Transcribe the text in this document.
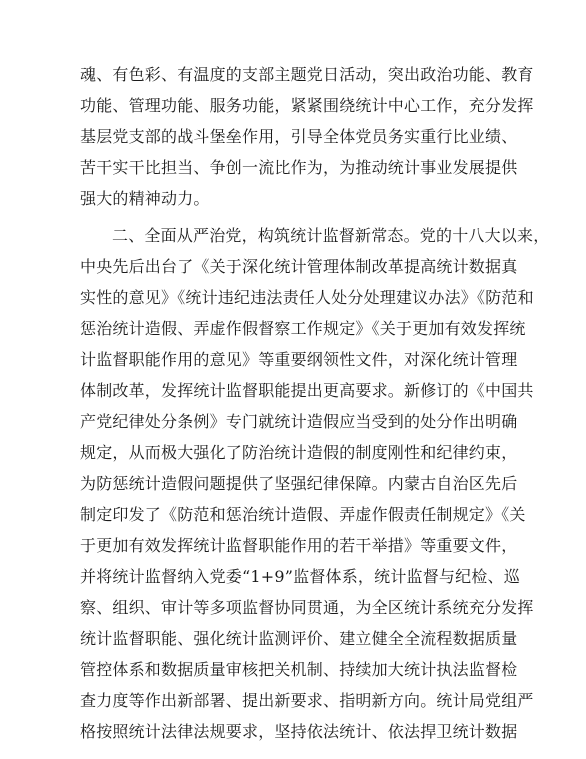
魂、有色彩、有温度的支部主题党日活动，突出政治功能、教育
功能、管理功能、服务功能，紧紧围绕统计中心工作，充分发挥
基层党支部的战斗堡垒作用，引导全体党员务实重行比业绩、
苦干实干比担当、争创一流比作为，为推动统计事业发展提供
强大的精神动力。
二、全面从严治党，构筑统计监督新常态。党的十八大以来，
中央先后出台了《关于深化统计管理体制改革提高统计数据真
实性的意见》《统计违纪违法责任人处分处理建议办法》《防范和
惩治统计造假、弄虚作假督察工作规定》《关于更加有效发挥统
计监督职能作用的意见》等重要纲领性文件，对深化统计管理
体制改革，发挥统计监督职能提出更高要求。新修订的《中国共
产党纪律处分条例》专门就统计造假应当受到的处分作出明确
规定，从而极大强化了防治统计造假的制度刚性和纪律约束，
为防惩统计造假问题提供了坚强纪律保障。内蒙古自治区先后
制定印发了《防范和惩治统计造假、弄虚作假责任制规定》《关
于更加有效发挥统计监督职能作用的若干举措》等重要文件，
并将统计监督纳入党委“1+9”监督体系，统计监督与纪检、巡
察、组织、审计等多项监督协同贯通，为全区统计系统充分发挥
统计监督职能、强化统计监测评价、建立健全全流程数据质量
管控体系和数据质量审核把关机制、持续加大统计执法监督检
查力度等作出新部署、提出新要求、指明新方向。统计局党组严
格按照统计法律法规要求，坚持依法统计、依法捍卫统计数据
